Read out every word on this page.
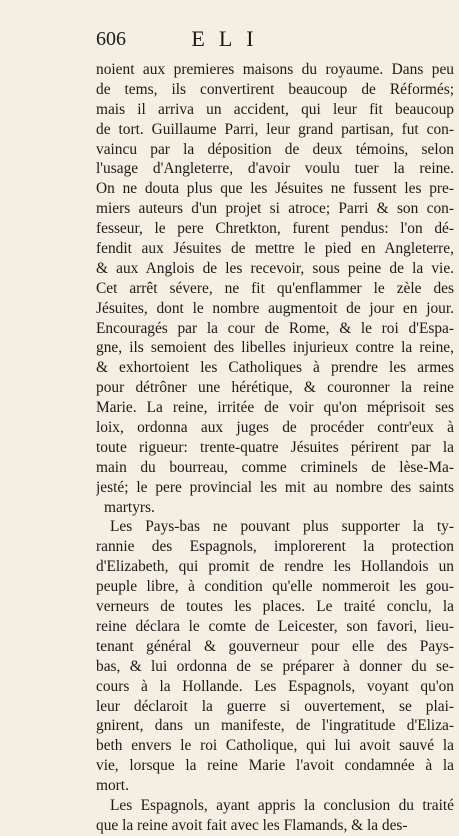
606	ELI
noient aux premieres maisons du royaume. Dans peu
de tems, ils convertirent beaucoup de Réformés;
mais il arriva un accident, qui leur fit beaucoup
de tort. Guillaume Parri, leur grand partisan, fut con-
vaincu par la déposition de deux témoins, selon
l'usage d'Angleterre, d'avoir voulu tuer la reine.
On ne douta plus que les Jésuites ne fussent les pre-
miers auteurs d'un projet si atroce; Parri & son con-
fesseur, le pere Chretkton, furent pendus: l'on dé-
fendit aux Jésuites de mettre le pied en Angleterre,
& aux Anglois de les recevoir, sous peine de la vie.
Cet arrêt sévere, ne fit qu'enflammer le zèle des
Jésuites, dont le nombre augmentoit de jour en jour.
Encouragés par la cour de Rome, & le roi d'Espa-
gne, ils semoient des libelles injurieux contre la reine,
& exhortoient les Catholiques à prendre les armes
pour détrôner une hérétique, & couronner la reine
Marie. La reine, irritée de voir qu'on méprisoit ses
loix, ordonna aux juges de procéder contr'eux à
toute rigueur: trente-quatre Jésuites périrent par la
main du bourreau, comme criminels de lèse-Ma-
jesté; le pere provincial les mit au nombre des saints
martyrs.
Les Pays-bas ne pouvant plus supporter la ty-
rannie des Espagnols, implorerent la protection
d'Elizabeth, qui promit de rendre les Hollandois un
peuple libre, à condition qu'elle nommeroit les gou-
verneurs de toutes les places. Le traité conclu, la
reine déclara le comte de Leicester, son favori, lieu-
tenant général & gouverneur pour elle des Pays-
bas, & lui ordonna de se préparer à donner du se-
cours à la Hollande. Les Espagnols, voyant qu'on
leur déclaroit la guerre si ouvertement, se plai-
gnirent, dans un manifeste, de l'ingratitude d'Eliza-
beth envers le roi Catholique, qui lui avoit sauvé la
vie, lorsque la reine Marie l'avoit condamnée à la
mort.
Les Espagnols, ayant appris la conclusion du traité
que la reine avoit fait avec les Flamands, & la des-
